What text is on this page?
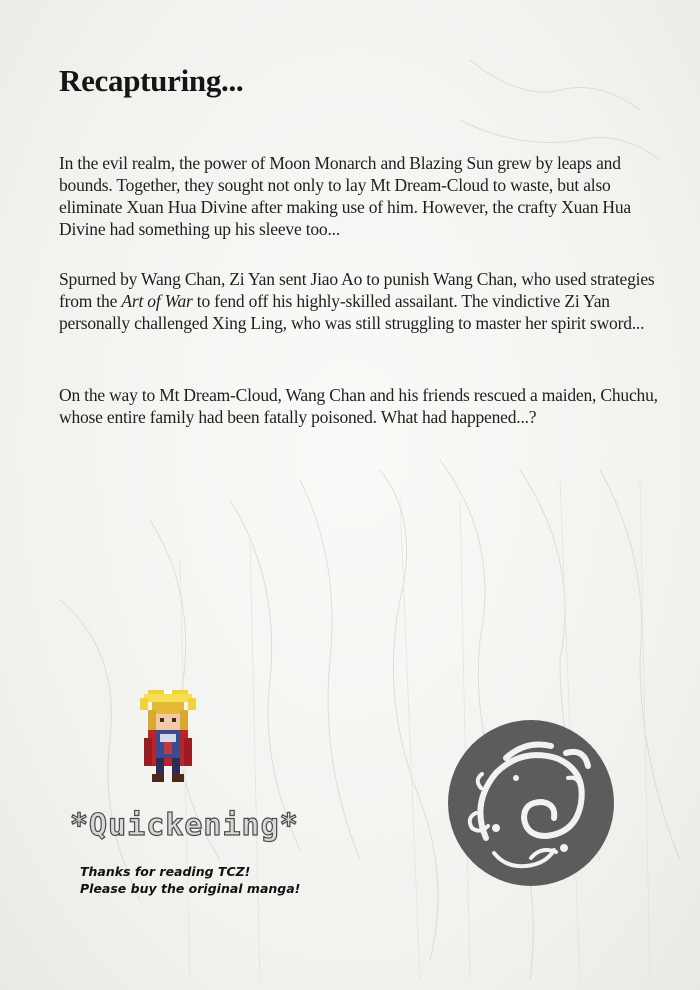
Recapturing...

In the evil realm, the power of Moon Monarch and Blazing Sun grew by leaps and bounds. Together, they sought not only to lay Mt Dream-Cloud to waste, but also eliminate Xuan Hua Divine after making use of him. However, the crafty Xuan Hua Divine had something up his sleeve too...

Spurned by Wang Chan, Zi Yan sent Jiao Ao to punish Wang Chan, who used strategies from the Art of War to fend off his highly-skilled assailant. The vindictive Zi Yan personally challenged Xing Ling, who was still struggling to master her spirit sword...

On the way to Mt Dream-Cloud, Wang Chan and his friends rescued a maiden, Chuchu, whose entire family had been fatally poisoned. What had happened...?

*Quickening*
Thanks for reading TCZ!
Please buy the original manga!
